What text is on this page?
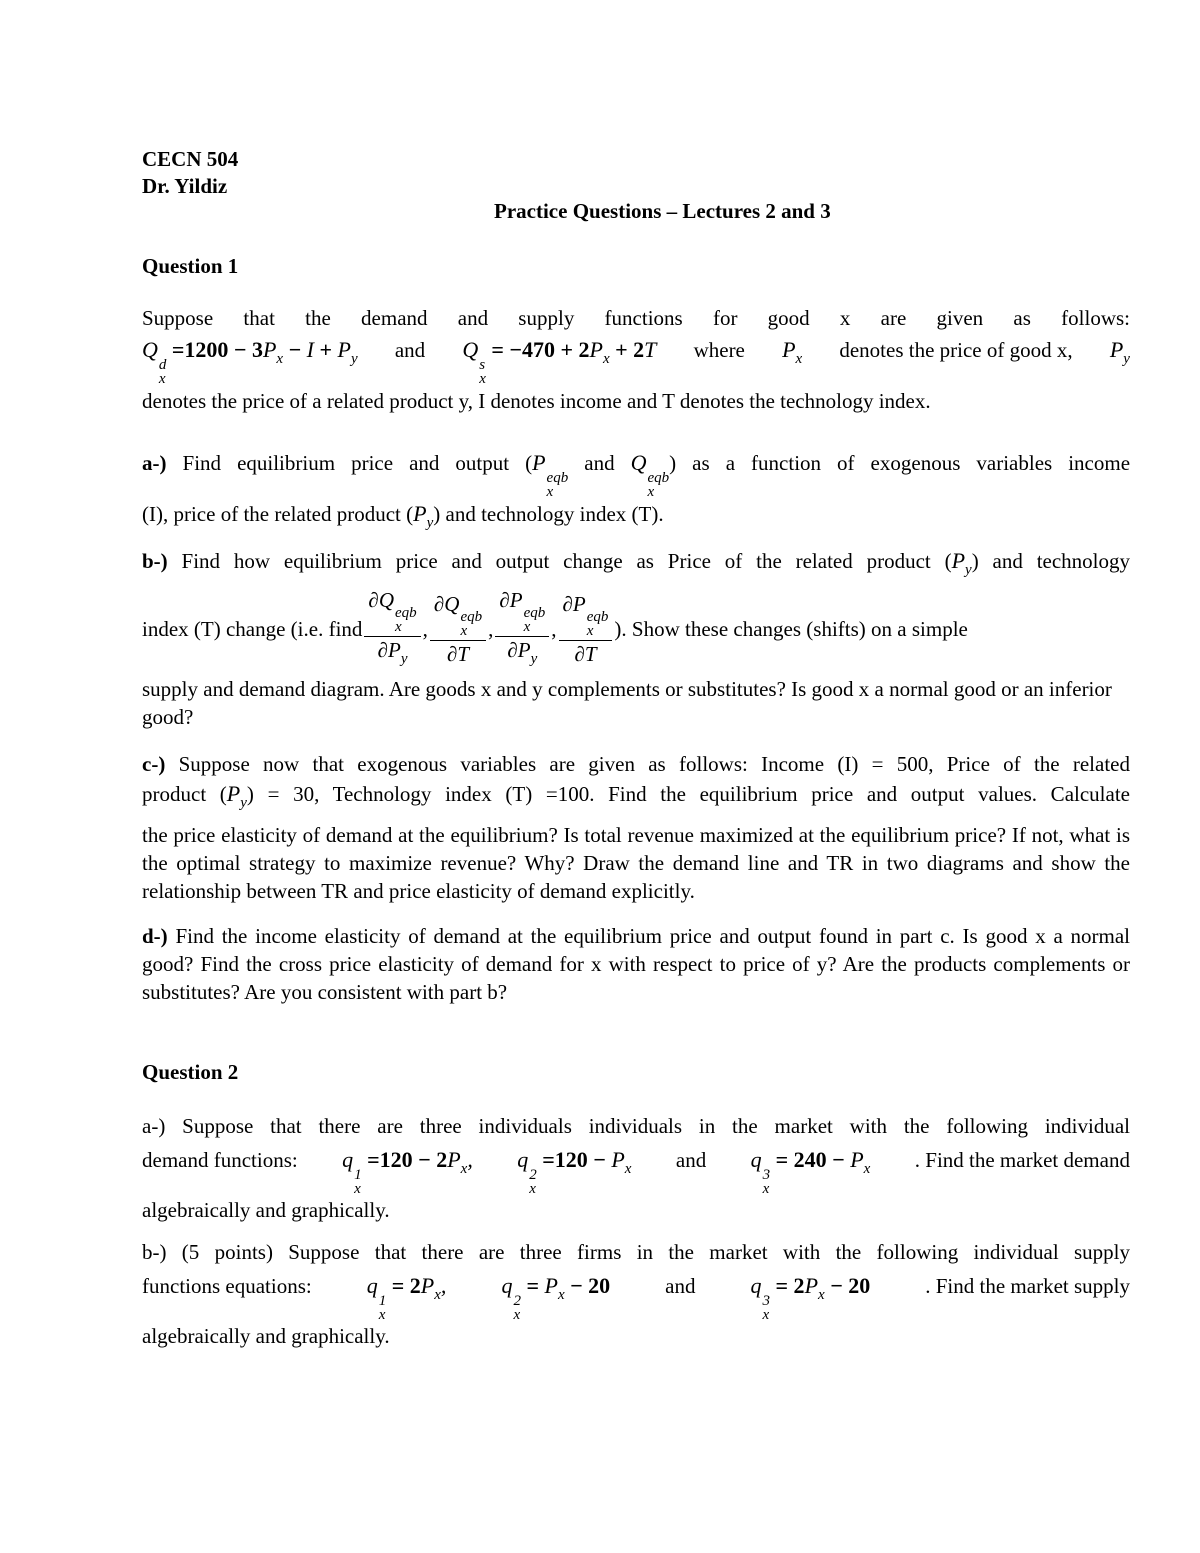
CECN 504
Dr. Yildiz
Practice Questions – Lectures 2 and 3
Question 1
Suppose that the demand and supply functions for good x are given as follows:
Q
d
x
$=1200 - 3P_x - I + P_y$ and Q
s
x
= $-470 + 2P_x + 2T$ where $P_x$ denotes the price of good x, $P_y$
denotes the price of a related product y, I denotes income and T denotes the technology index.
a-) Find equilibrium price and output (P
eqb
x
and Q
eqb
x
) as a function of exogenous variables income
(I), price of the related product $(P_y)$ and technology index (T).
b-) Find how equilibrium price and output change as Price of the related product $(P_y)$ and technology
index (T) change (i.e. find ∂Q
eqb
x
$\partial P_y$ , ∂Q
eqb
x
∂T , ∂P
eqb
x
$\partial P_y$ , ∂P
eqb
x
∂T ). Show these changes (shifts) on a simple
supply and demand diagram. Are goods x and y complements or substitutes? Is good x a normal good or an inferior good?
c-) Suppose now that exogenous variables are given as follows: Income (I) = 500, Price of the related
product $(P_y) = 30$, Technology index (T) =100. Find the equilibrium price and output values. Calculate
the price elasticity of demand at the equilibrium? Is total revenue maximized at the equilibrium price? If not, what is the optimal strategy to maximize revenue? Why? Draw the demand line and TR in two diagrams and show the relationship between TR and price elasticity of demand explicitly.
d-) Find the income elasticity of demand at the equilibrium price and output found in part c. Is good x a normal good? Find the cross price elasticity of demand for x with respect to price of y? Are the products complements or substitutes? Are you consistent with part b?
Question 2
a-) Suppose that there are three individuals individuals in the market with the following individual
demand functions: q
1
x
$=120 - 2P_x$, q
2
x
$=120 - P_x$ and q
3
x
= $240 - P_x$ . Find the market demand
algebraically and graphically.
b-) (5 points) Suppose that there are three firms in the market with the following individual supply
functions equations:	q
1
x
= $2P_x$,	q
2
x
= $P_x - 20$	and	q
3
x
= $2P_x - 20$	. Find the market supply
algebraically and graphically.
